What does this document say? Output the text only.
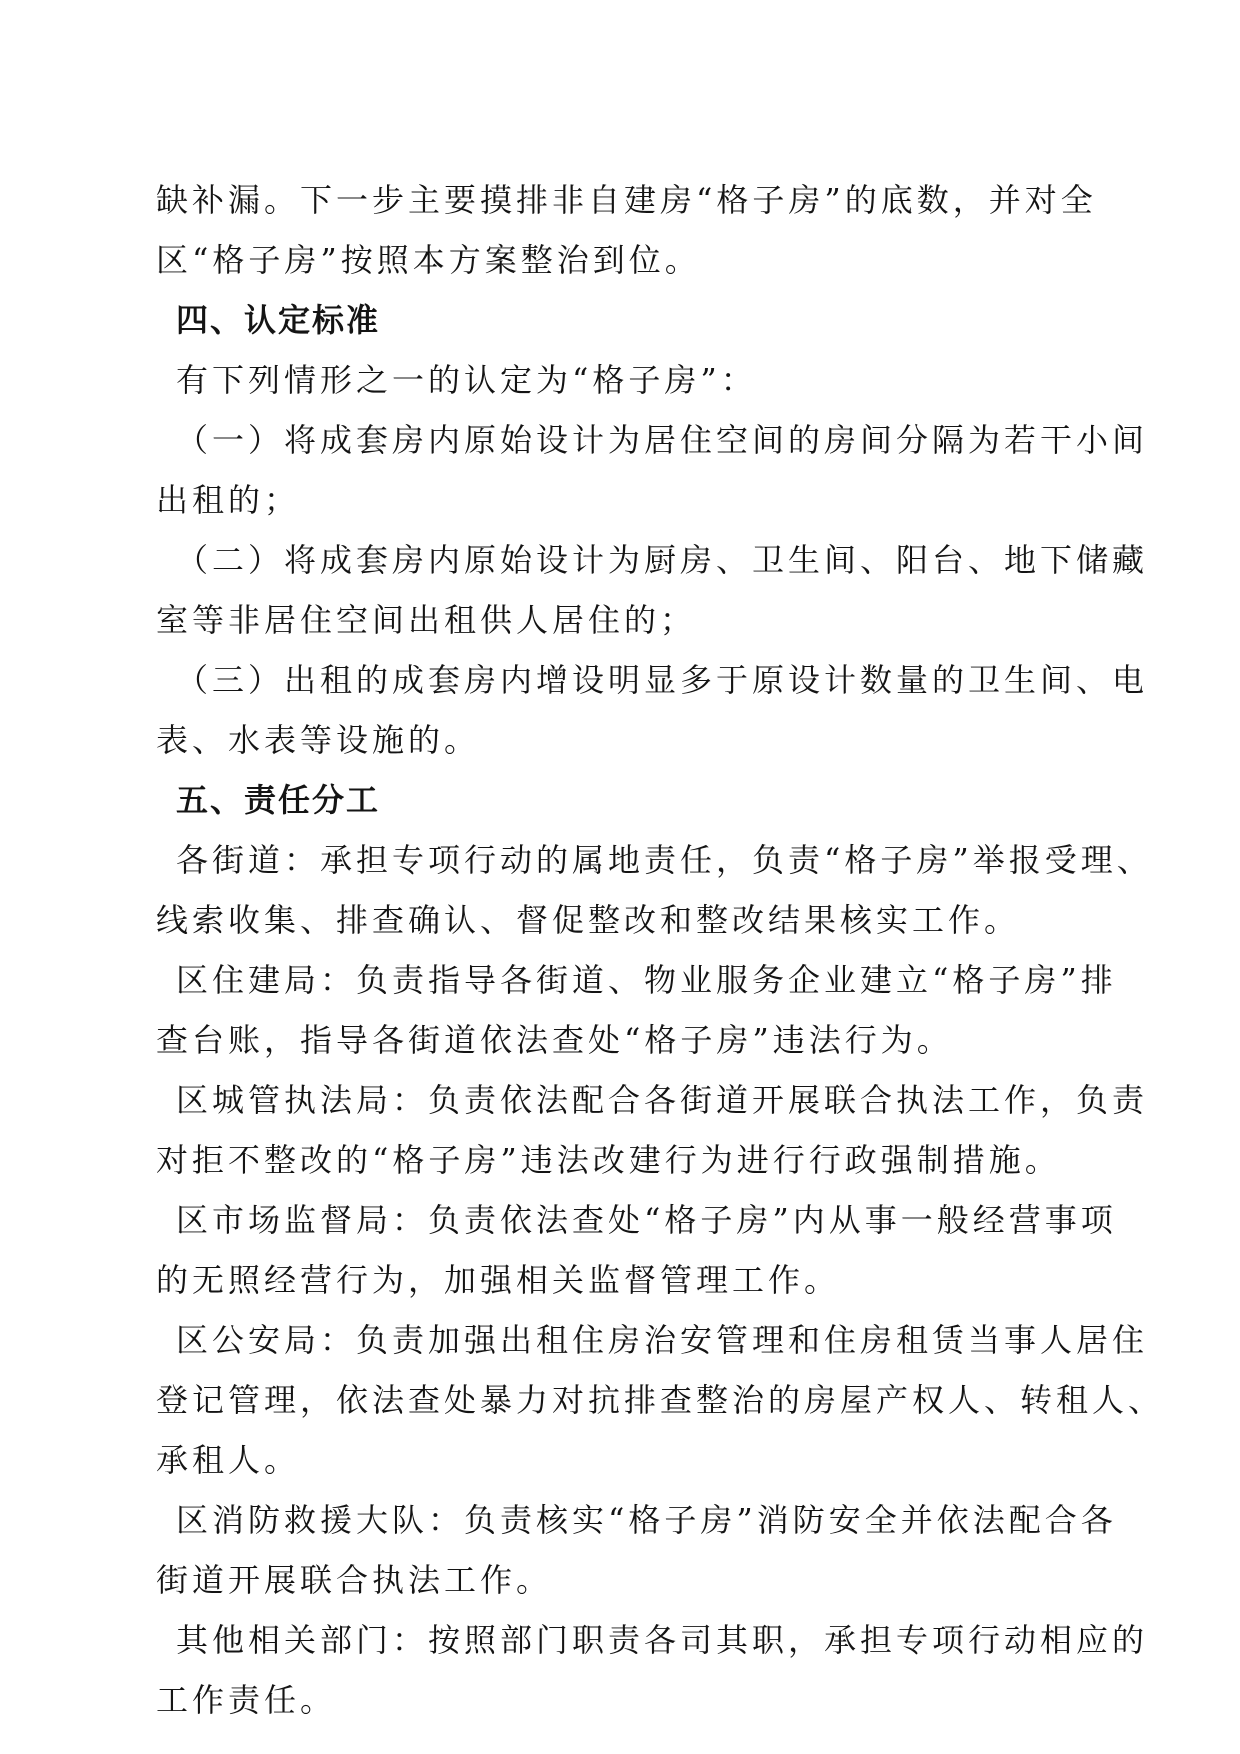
缺补漏。下一步主要摸排非自建房“格子房”的底数，并对全
区“格子房”按照本方案整治到位。
四、认定标准
有下列情形之一的认定为“格子房”：
（一）将成套房内原始设计为居住空间的房间分隔为若干小间
出租的；
（二）将成套房内原始设计为厨房、卫生间、阳台、地下储藏
室等非居住空间出租供人居住的；
（三）出租的成套房内增设明显多于原设计数量的卫生间、电
表、水表等设施的。
五、责任分工
各街道：承担专项行动的属地责任，负责“格子房”举报受理、
线索收集、排查确认、督促整改和整改结果核实工作。
区住建局：负责指导各街道、物业服务企业建立“格子房”排
查台账，指导各街道依法查处“格子房”违法行为。
区城管执法局：负责依法配合各街道开展联合执法工作，负责
对拒不整改的“格子房”违法改建行为进行行政强制措施。
区市场监督局：负责依法查处“格子房”内从事一般经营事项
的无照经营行为，加强相关监督管理工作。
区公安局：负责加强出租住房治安管理和住房租赁当事人居住
登记管理，依法查处暴力对抗排查整治的房屋产权人、转租人、
承租人。
区消防救援大队：负责核实“格子房”消防安全并依法配合各
街道开展联合执法工作。
其他相关部门：按照部门职责各司其职，承担专项行动相应的
工作责任。
